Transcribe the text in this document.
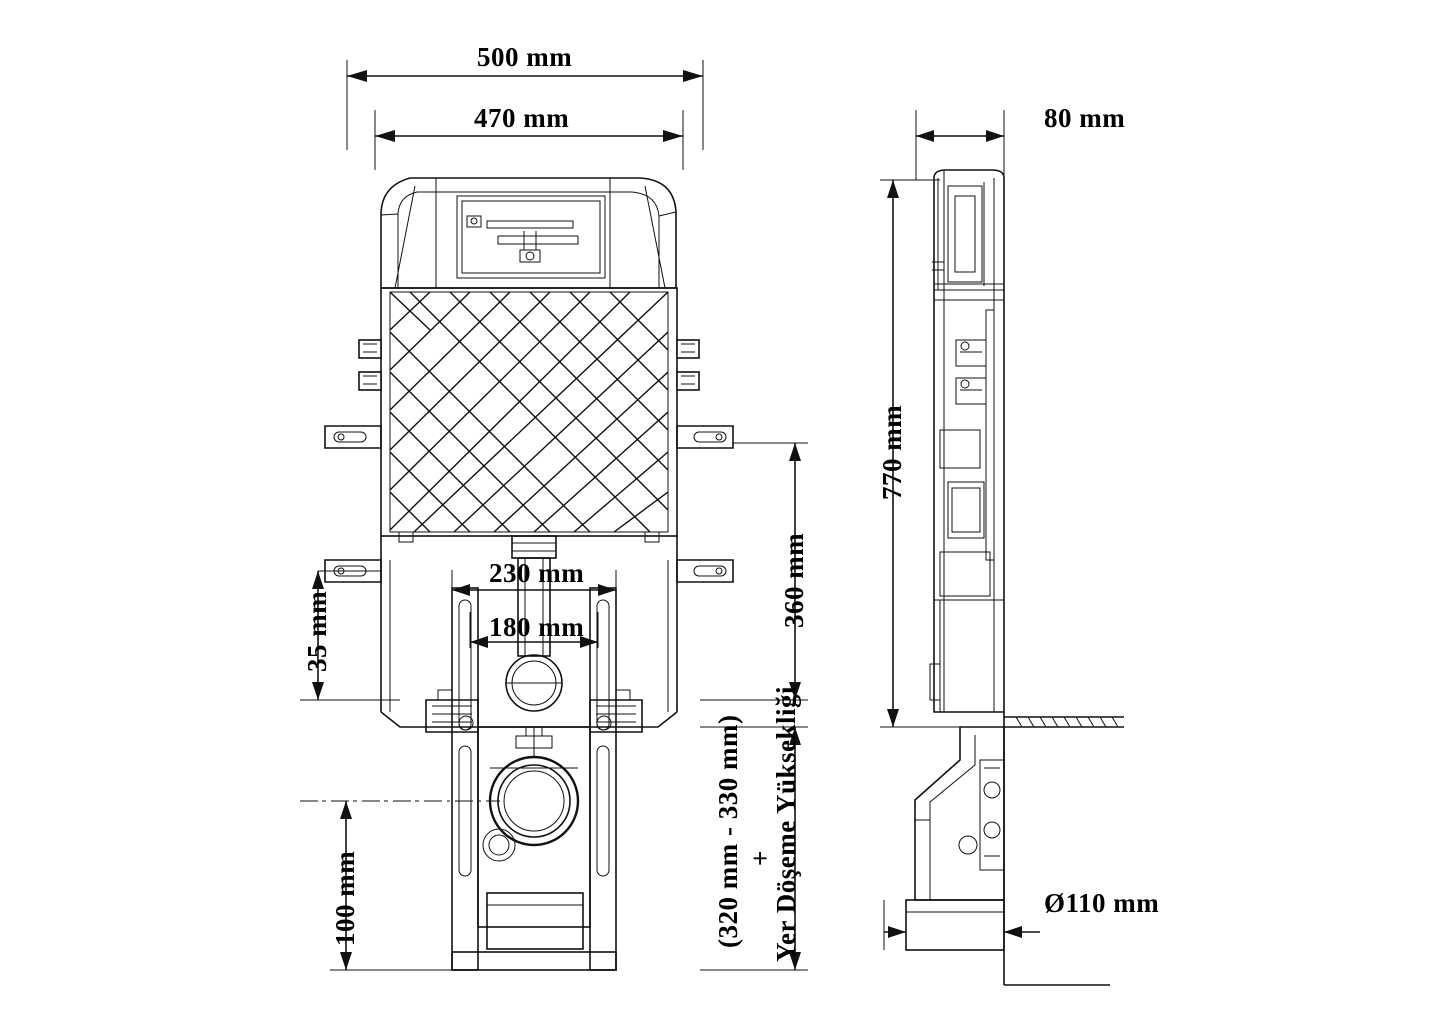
500 mm
470 mm
230 mm
180 mm
80 mm
Ø110 mm
35 mm
360 mm
100 mm
770 mm
(320 mm - 330 mm) +
Yer Döşeme Yüksekliği
